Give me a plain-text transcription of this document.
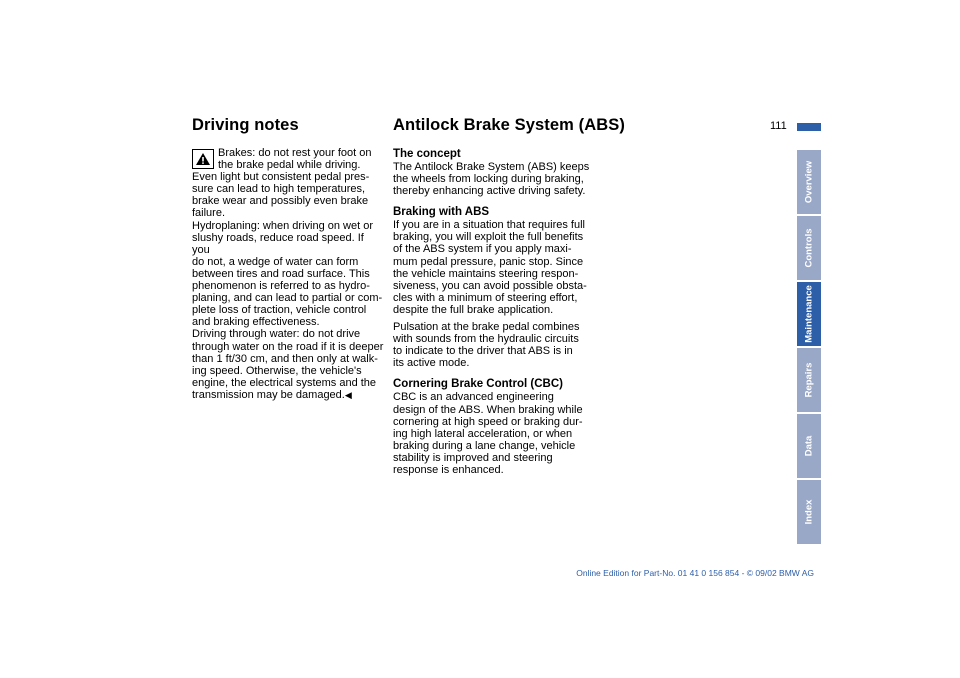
Driving notes	Antilock Brake System (ABS)	111

Brakes: do not rest your foot on
the brake pedal while driving.

Even light but consistent pedal pres-
sure can lead to high temperatures,
brake wear and possibly even brake
failure.

Hydroplaning: when driving on wet or
slushy roads, reduce road speed. If you
do not, a wedge of water can form
between tires and road surface. This
phenomenon is referred to as hydro-
planing, and can lead to partial or com-
plete loss of traction, vehicle control
and braking effectiveness.

Driving through water: do not drive
through water on the road if it is deeper
than 1 ft/30 cm, and then only at walk-
ing speed. Otherwise, the vehicle's
engine, the electrical systems and the
transmission may be damaged.◀

The concept

The Antilock Brake System (ABS) keeps
the wheels from locking during braking,
thereby enhancing active driving safety.

Braking with ABS

If you are in a situation that requires full
braking, you will exploit the full benefits
of the ABS system if you apply maxi-
mum pedal pressure, panic stop. Since
the vehicle maintains steering respon-
siveness, you can avoid possible obsta-
cles with a minimum of steering effort,
despite the full brake application.

Pulsation at the brake pedal combines
with sounds from the hydraulic circuits
to indicate to the driver that ABS is in
its active mode.

Cornering Brake Control (CBC)

CBC is an advanced engineering
design of the ABS. When braking while
cornering at high speed or braking dur-
ing high lateral acceleration, or when
braking during a lane change, vehicle
stability is improved and steering
response is enhanced.

Overview
Controls
Maintenance
Repairs
Data
Index
Online Edition for Part-No. 01 41 0 156 854 - © 09/02 BMW AG
